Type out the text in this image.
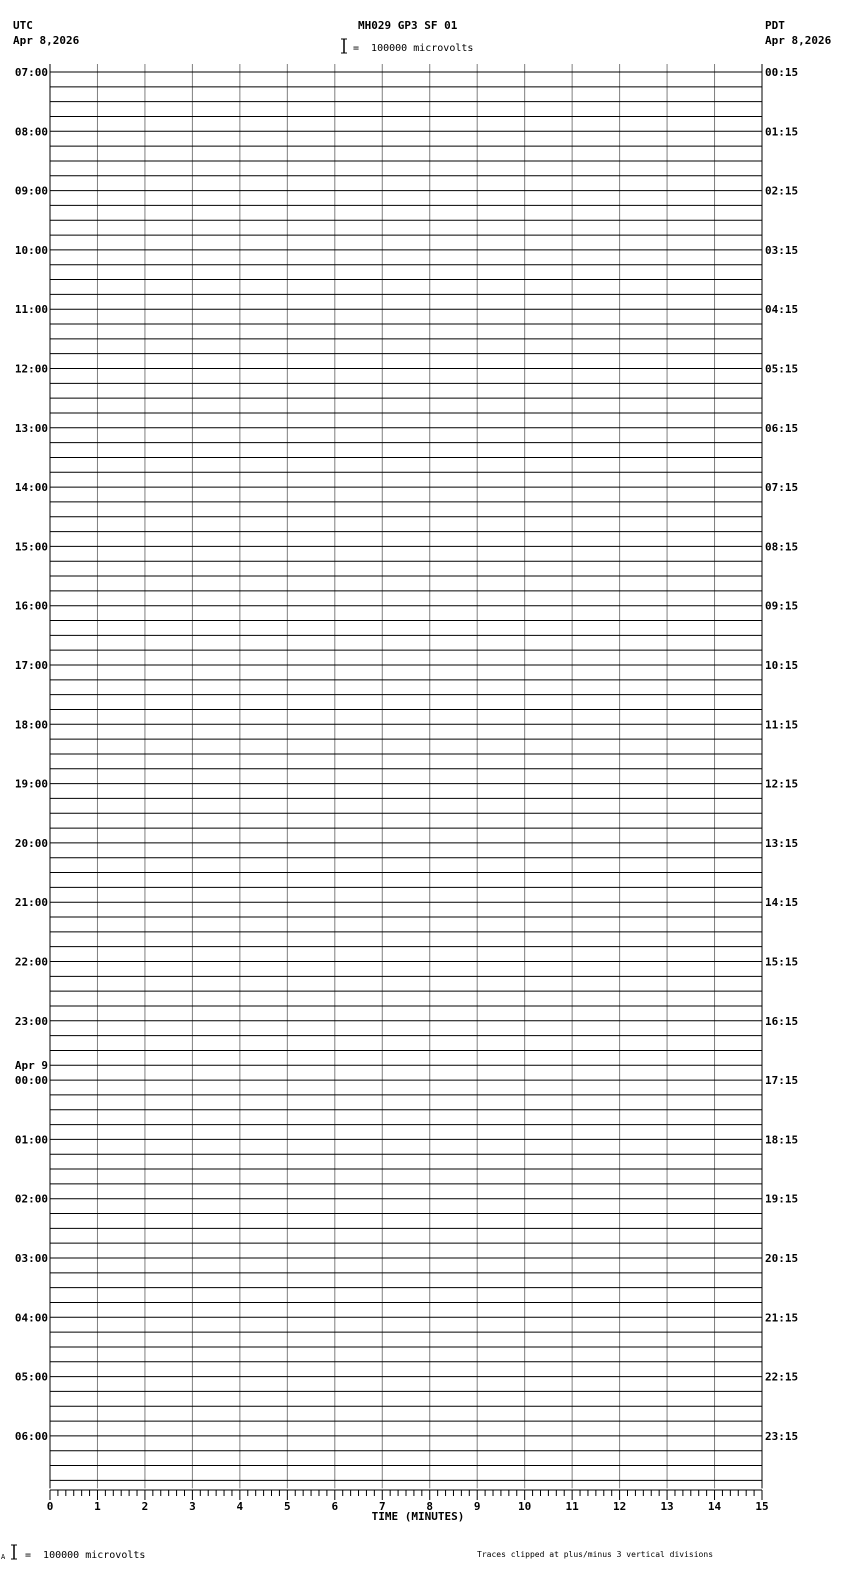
UTC
Apr 8,2026
PDT
Apr 8,2026
MH029 GP3 SF 01
=  100000 microvolts
07:00
08:00
09:00
10:00
11:00
12:00
13:00
14:00
15:00
16:00
17:00
18:00
19:00
20:00
21:00
22:00
23:00
00:00
Apr 9
01:00
02:00
03:00
04:00
05:00
06:00
00:15
01:15
02:15
03:15
04:15
05:15
06:15
07:15
08:15
09:15
10:15
11:15
12:15
13:15
14:15
15:15
16:15
17:15
18:15
19:15
20:15
21:15
22:15
23:15
0	1	2	3	4	5	6	7	8	9	10	11	12	13	14	15
TIME (MINUTES)
A =  100000 microvolts	Traces clipped at plus/minus 3 vertical divisions
